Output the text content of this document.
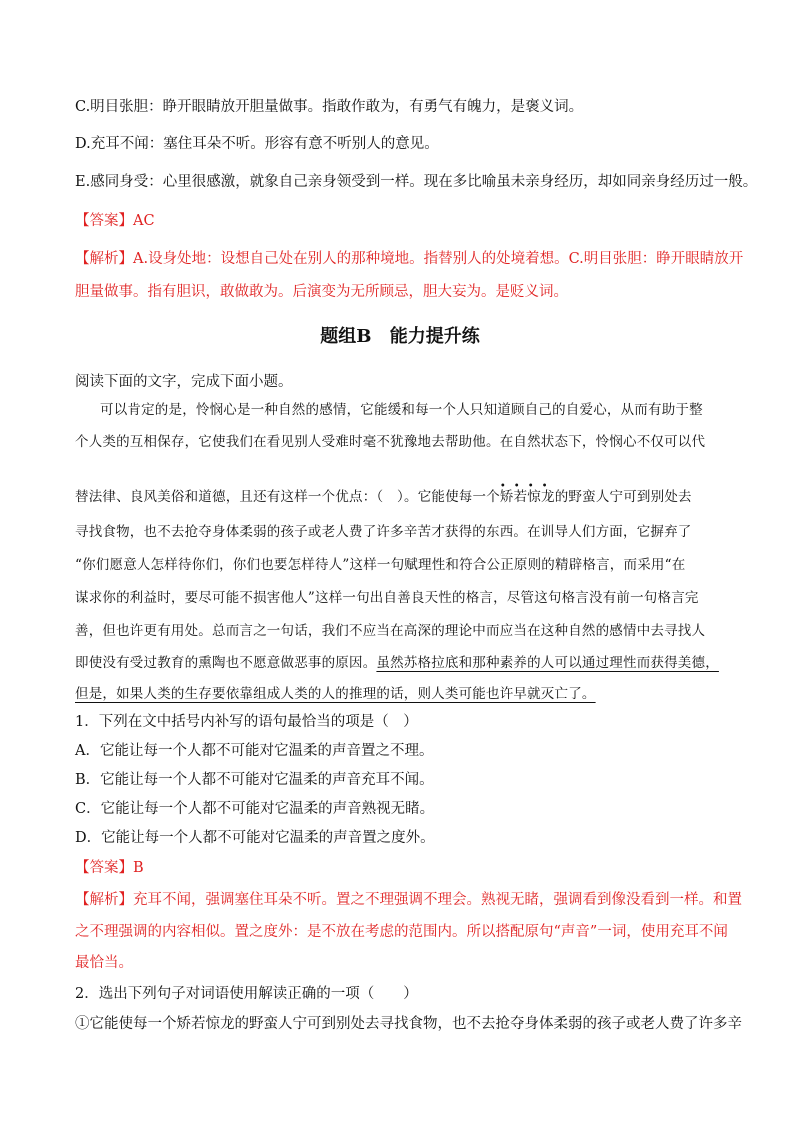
C.明目张胆：睁开眼睛放开胆量做事。指敢作敢为，有勇气有魄力，是褒义词。
D.充耳不闻：塞住耳朵不听。形容有意不听别人的意见。
E.感同身受：心里很感激，就象自己亲身领受到一样。现在多比喻虽未亲身经历，却如同亲身经历过一般。
【答案】AC
【解析】A.设身处地：设想自己处在别人的那种境地。指替别人的处境着想。C.明目张胆：睁开眼睛放开
胆量做事。指有胆识，敢做敢为。后演变为无所顾忌，胆大妄为。是贬义词。
题组B 能力提升练
阅读下面的文字，完成下面小题。
可以肯定的是，怜悯心是一种自然的感情，它能缓和每一个人只知道顾自己的自爱心，从而有助于整
个人类的互相保存，它使我们在看见别人受难时毫不犹豫地去帮助他。在自然状态下，怜悯心不仅可以代
替法律、良风美俗和道德，且还有这样一个优点：（　）。它能使每一个
••••
矫若惊龙的野蛮人宁可到别处去
寻找食物，也不去抢夺身体柔弱的孩子或老人费了许多辛苦才获得的东西。在训导人们方面，它摒弃了
“你们愿意人怎样待你们，你们也要怎样待人”这样一句赋理性和符合公正原则的精辟格言，而采用“在
谋求你的利益时，要尽可能不损害他人”这样一句出自善良天性的格言，尽管这句格言没有前一句格言完
善，但也许更有用处。总而言之一句话，我们不应当在高深的理论中而应当在这种自然的感情中去寻找人
即使没有受过教育的熏陶也不愿意做恶事的原因。虽然苏格拉底和那种素养的人可以通过理性而获得美德，
但是，如果人类的生存要依靠组成人类的人的推理的话，则人类可能也许早就灭亡了。
1．下列在文中括号内补写的语句最恰当的项是（　）
A．它能让每一个人都不可能对它温柔的声音置之不理。
B．它能让每一个人都不可能对它温柔的声音充耳不闻。
C．它能让每一个人都不可能对它温柔的声音熟视无睹。
D．它能让每一个人都不可能对它温柔的声音置之度外。
【答案】B
【解析】充耳不闻，强调塞住耳朵不听。置之不理强调不理会。熟视无睹，强调看到像没看到一样。和置
之不理强调的内容相似。置之度外：是不放在考虑的范围内。所以搭配原句“声音”一词，使用充耳不闻
最恰当。
2．选出下列句子对词语使用解读正确的一项（　　）
①它能使每一个矫若惊龙的野蛮人宁可到别处去寻找食物，也不去抢夺身体柔弱的孩子或老人费了许多辛
